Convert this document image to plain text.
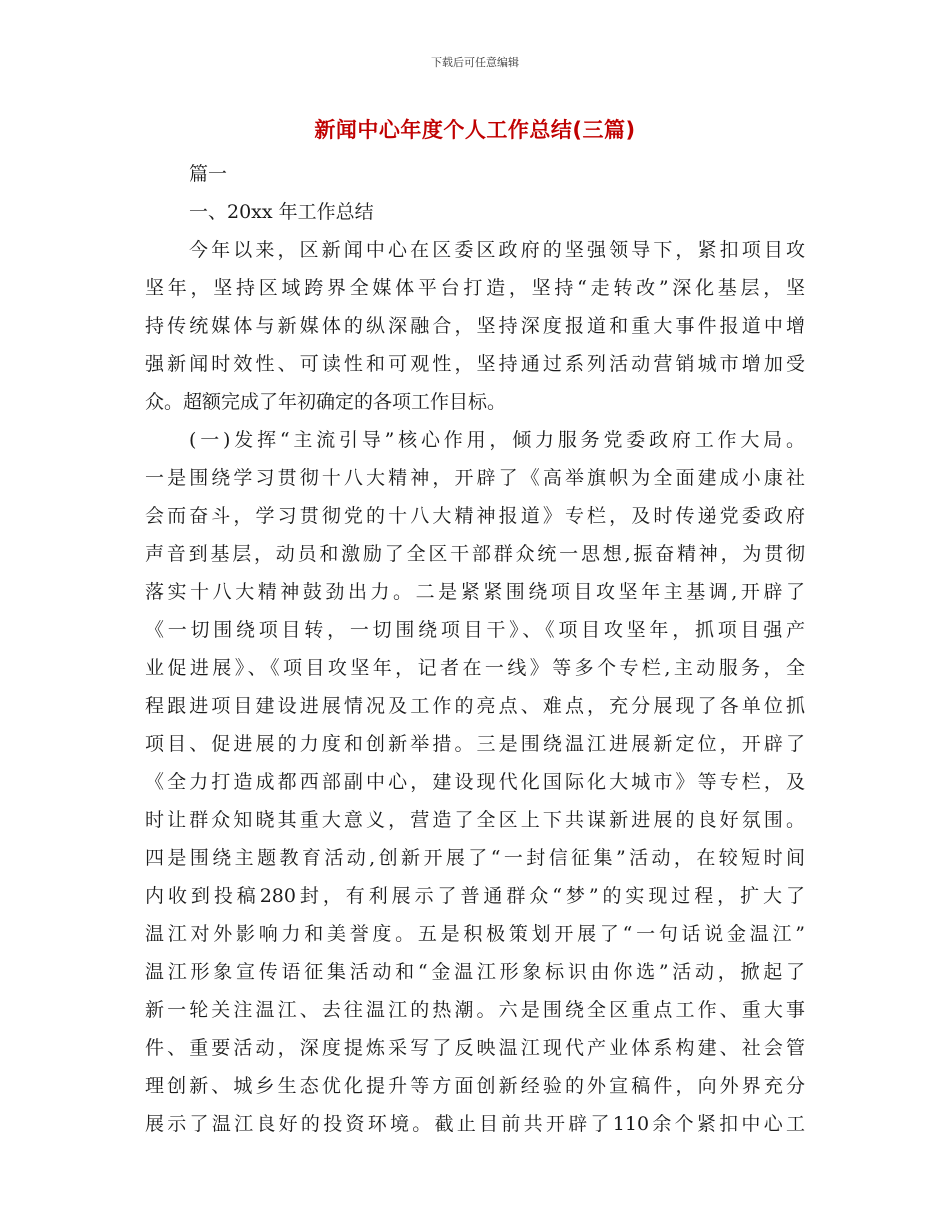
下载后可任意编辑
新闻中心年度个人工作总结(三篇)
篇一
一、20xx 年工作总结
今年以来，区新闻中心在区委区政府的坚强领导下，紧扣项目攻
坚年，坚持区域跨界全媒体平台打造，坚持“走转改”深化基层，坚
持传统媒体与新媒体的纵深融合，坚持深度报道和重大事件报道中增
强新闻时效性、可读性和可观性，坚持通过系列活动营销城市增加受
众。超额完成了年初确定的各项工作目标。
(一)发挥“主流引导”核心作用，倾力服务党委政府工作大局。
一是围绕学习贯彻十八大精神，开辟了《高举旗帜为全面建成小康社
会而奋斗，学习贯彻党的十八大精神报道》专栏，及时传递党委政府
声音到基层，动员和激励了全区干部群众统一思想,振奋精神，为贯彻
落实十八大精神鼓劲出力。二是紧紧围绕项目攻坚年主基调,开辟了
《一切围绕项目转，一切围绕项目干》、《项目攻坚年，抓项目强产
业促进展》、《项目攻坚年，记者在一线》等多个专栏,主动服务，全
程跟进项目建设进展情况及工作的亮点、难点，充分展现了各单位抓
项目、促进展的力度和创新举措。三是围绕温江进展新定位，开辟了
《全力打造成都西部副中心，建设现代化国际化大城市》等专栏，及
时让群众知晓其重大意义，营造了全区上下共谋新进展的良好氛围。
四是围绕主题教育活动,创新开展了“一封信征集”活动，在较短时间
内收到投稿280封，有利展示了普通群众“梦”的实现过程，扩大了
温江对外影响力和美誉度。五是积极策划开展了“一句话说金温江”
温江形象宣传语征集活动和“金温江形象标识由你选”活动，掀起了
新一轮关注温江、去往温江的热潮。六是围绕全区重点工作、重大事
件、重要活动，深度提炼采写了反映温江现代产业体系构建、社会管
理创新、城乡生态优化提升等方面创新经验的外宣稿件，向外界充分
展示了温江良好的投资环境。截止目前共开辟了110余个紧扣中心工
